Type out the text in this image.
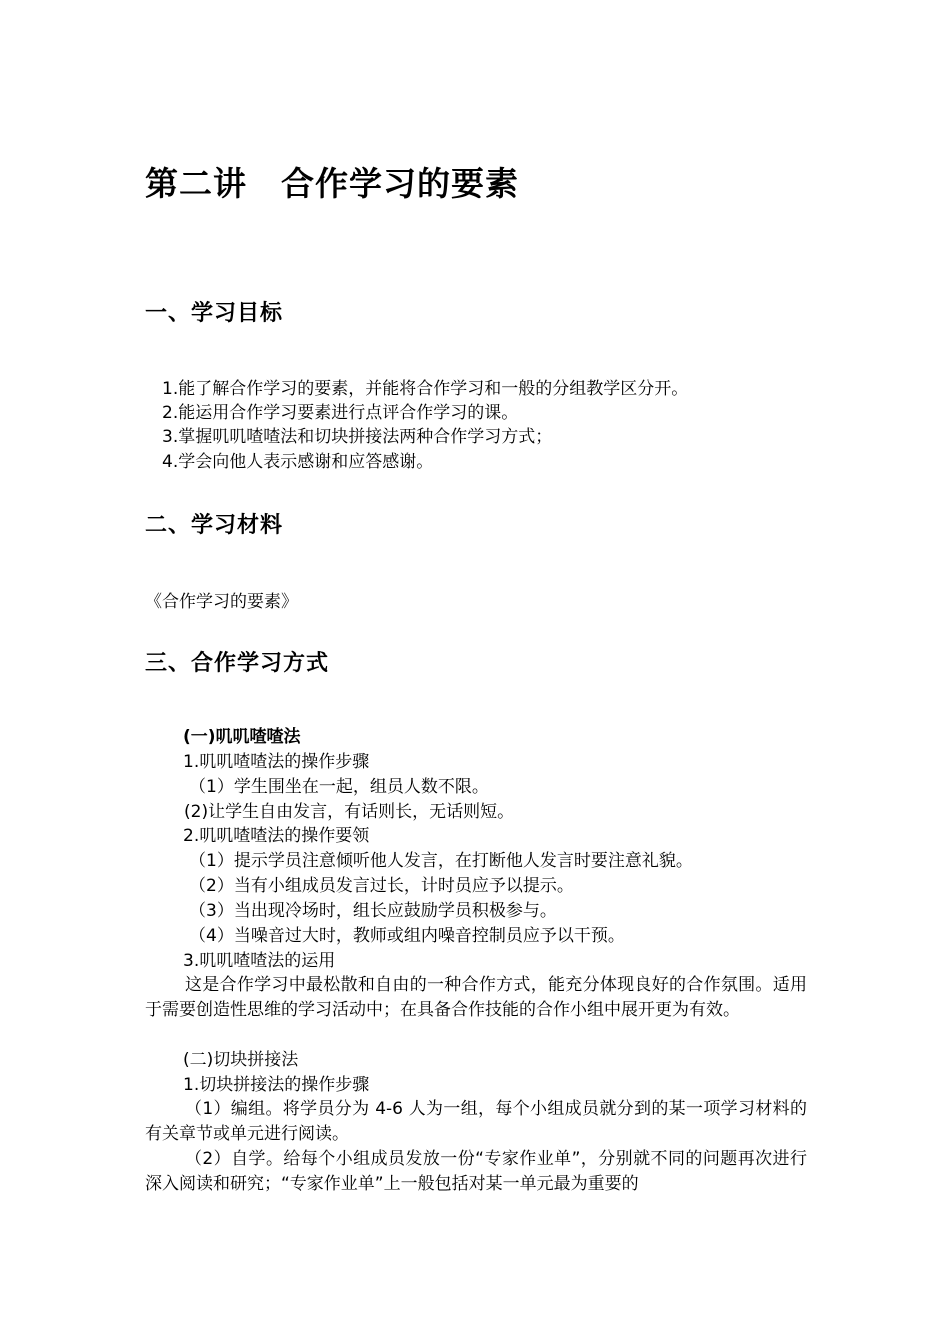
第二讲　合作学习的要素
一、学习目标

1.能了解合作学习的要素，并能将合作学习和一般的分组教学区分开。

2.能运用合作学习要素进行点评合作学习的课。

3.掌握叽叽喳喳法和切块拼接法两种合作学习方式；

4.学会向他人表示感谢和应答感谢。

二、学习材料

《合作学习的要素》

三、合作学习方式

(一)叽叽喳喳法

1.叽叽喳喳法的操作步骤

（1）学生围坐在一起，组员人数不限。

(2)让学生自由发言，有话则长，无话则短。

2.叽叽喳喳法的操作要领

（1）提示学员注意倾听他人发言，在打断他人发言时要注意礼貌。

（2）当有小组成员发言过长，计时员应予以提示。

（3）当出现冷场时，组长应鼓励学员积极参与。

（4）当噪音过大时，教师或组内噪音控制员应予以干预。

3.叽叽喳喳法的运用

这是合作学习中最松散和自由的一种合作方式，能充分体现良好的合作氛围。适用于需要创造性思维的学习活动中；在具备合作技能的合作小组中展开更为有效。

(二)切块拼接法

1.切块拼接法的操作步骤

（1）编组。将学员分为 4-6 人为一组，每个小组成员就分到的某一项学习材料的有关章节或单元进行阅读。

（2）自学。给每个小组成员发放一份“专家作业单”，分别就不同的问题再次进行深入阅读和研究；“专家作业单”上一般包括对某一单元最为重要的
